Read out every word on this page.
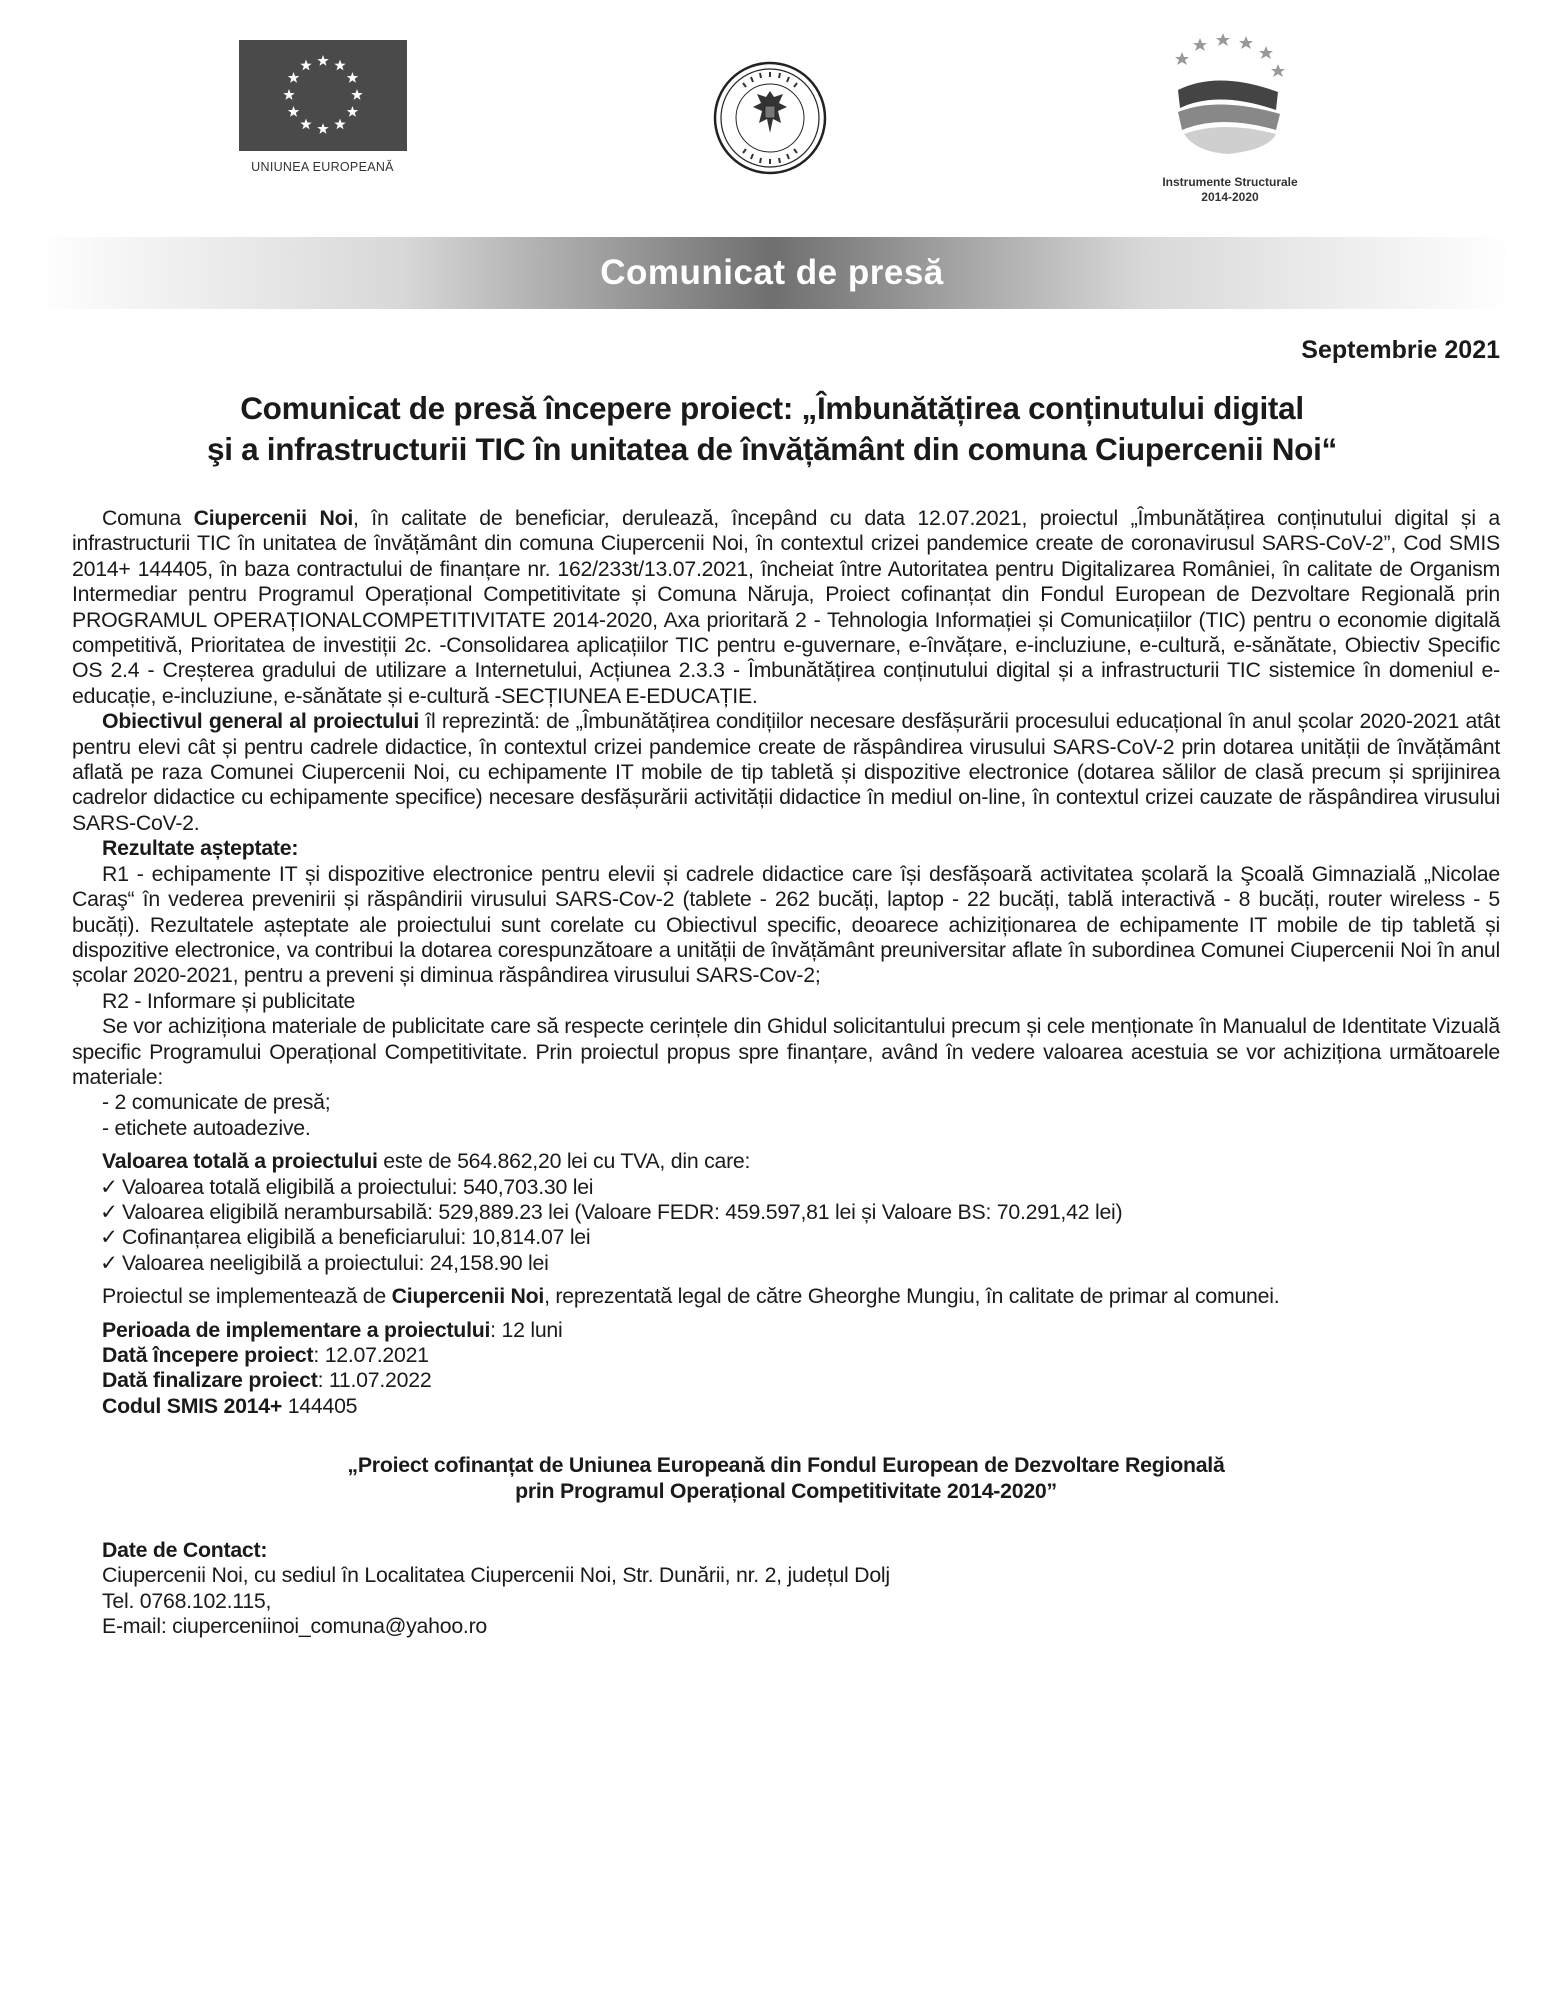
UNIUNEA EUROPEANĂ
Instrumente Structurale
2014-2020
Comunicat de presă
Septembrie 2021
Comunicat de presă începere proiect: „Îmbunătățirea conținutului digital
şi a infrastructurii TIC în unitatea de învățământ din comuna Ciupercenii Noi“

Comuna Ciupercenii Noi, în calitate de beneficiar, derulează, începând cu data 12.07.2021, proiectul „Îmbunătățirea conținutului digital și a infrastructurii TIC în unitatea de învățământ din comuna Ciupercenii Noi, în contextul crizei pandemice create de coronavirusul SARS-CoV-2”, Cod SMIS 2014+ 144405, în baza contractului de finanțare nr. 162/233t/13.07.2021, încheiat între Autoritatea pentru Digitalizarea României, în calitate de Organism Intermediar pentru Programul Operațional Competitivitate și Comuna Năruja, Proiect cofinanțat din Fondul European de Dezvoltare Regională prin PROGRAMUL OPERAȚIONALCOMPETITIVITATE 2014-2020, Axa prioritară 2 - Tehnologia Informației și Comunicațiilor (TIC) pentru o economie digitală competitivă, Prioritatea de investiții 2c. -Consolidarea aplicațiilor TIC pentru e-guvernare, e-învățare, e-incluziune, e-cultură, e-sănătate, Obiectiv Specific OS 2.4 - Creșterea gradului de utilizare a Internetului, Acțiunea 2.3.3 - Îmbunătățirea conținutului digital și a infrastructurii TIC sistemice în domeniul e-educație, e-incluziune, e-sănătate și e-cultură -SECȚIUNEA E-EDUCAȚIE.

Obiectivul general al proiectului îl reprezintă: de „Îmbunătățirea condițiilor necesare desfășurării procesului educațional în anul școlar 2020-2021 atât pentru elevi cât și pentru cadrele didactice, în contextul crizei pandemice create de răspândirea virusului SARS-CoV-2 prin dotarea unității de învățământ aflată pe raza Comunei Ciupercenii Noi, cu echipamente IT mobile de tip tabletă și dispozitive electronice (dotarea sălilor de clasă precum și sprijinirea cadrelor didactice cu echipamente specifice) necesare desfășurării activității didactice în mediul on-line, în contextul crizei cauzate de răspândirea virusului SARS-CoV-2.

Rezultate așteptate:

R1 - echipamente IT și dispozitive electronice pentru elevii și cadrele didactice care își desfășoară activitatea școlară la Şcoală Gimnazială „Nicolae Caraş“ în vederea prevenirii și răspândirii virusului SARS-Cov-2 (tablete - 262 bucăți, laptop - 22 bucăți, tablă interactivă - 8 bucăți, router wireless - 5 bucăți). Rezultatele așteptate ale proiectului sunt corelate cu Obiectivul specific, deoarece achiziționarea de echipamente IT mobile de tip tabletă și dispozitive electronice, va contribui la dotarea corespunzătoare a unității de învățământ preuniversitar aflate în subordinea Comunei Ciupercenii Noi în anul școlar 2020-2021, pentru a preveni și diminua răspândirea virusului SARS-Cov-2;

R2 - Informare și publicitate

Se vor achiziționa materiale de publicitate care să respecte cerințele din Ghidul solicitantului precum și cele menționate în Manualul de Identitate Vizuală specific Programului Operațional Competitivitate. Prin proiectul propus spre finanțare, având în vedere valoarea acestuia se vor achiziționa următoarele materiale:

- 2 comunicate de presă;

- etichete autoadezive.

Valoarea totală a proiectului este de 564.862,20 lei cu TVA, din care:

✓ Valoarea totală eligibilă a proiectului: 540,703.30 lei

✓ Valoarea eligibilă nerambursabilă: 529,889.23 lei (Valoare FEDR: 459.597,81 lei și Valoare BS: 70.291,42 lei)

✓ Cofinanțarea eligibilă a beneficiarului: 10,814.07 lei

✓ Valoarea neeligibilă a proiectului: 24,158.90 lei

Proiectul se implementează de Ciupercenii Noi, reprezentată legal de către Gheorghe Mungiu, în calitate de primar al comunei.

Perioada de implementare a proiectului: 12 luni

Dată începere proiect: 12.07.2021

Dată finalizare proiect: 11.07.2022

Codul SMIS 2014+ 144405

„Proiect cofinanțat de Uniunea Europeană din Fondul European de Dezvoltare Regională
prin Programul Operațional Competitivitate 2014-2020”

Date de Contact:

Ciupercenii Noi, cu sediul în Localitatea Ciupercenii Noi, Str. Dunării, nr. 2, județul Dolj

Tel. 0768.102.115,

E-mail: ciuperceniinoi_comuna@yahoo.ro
